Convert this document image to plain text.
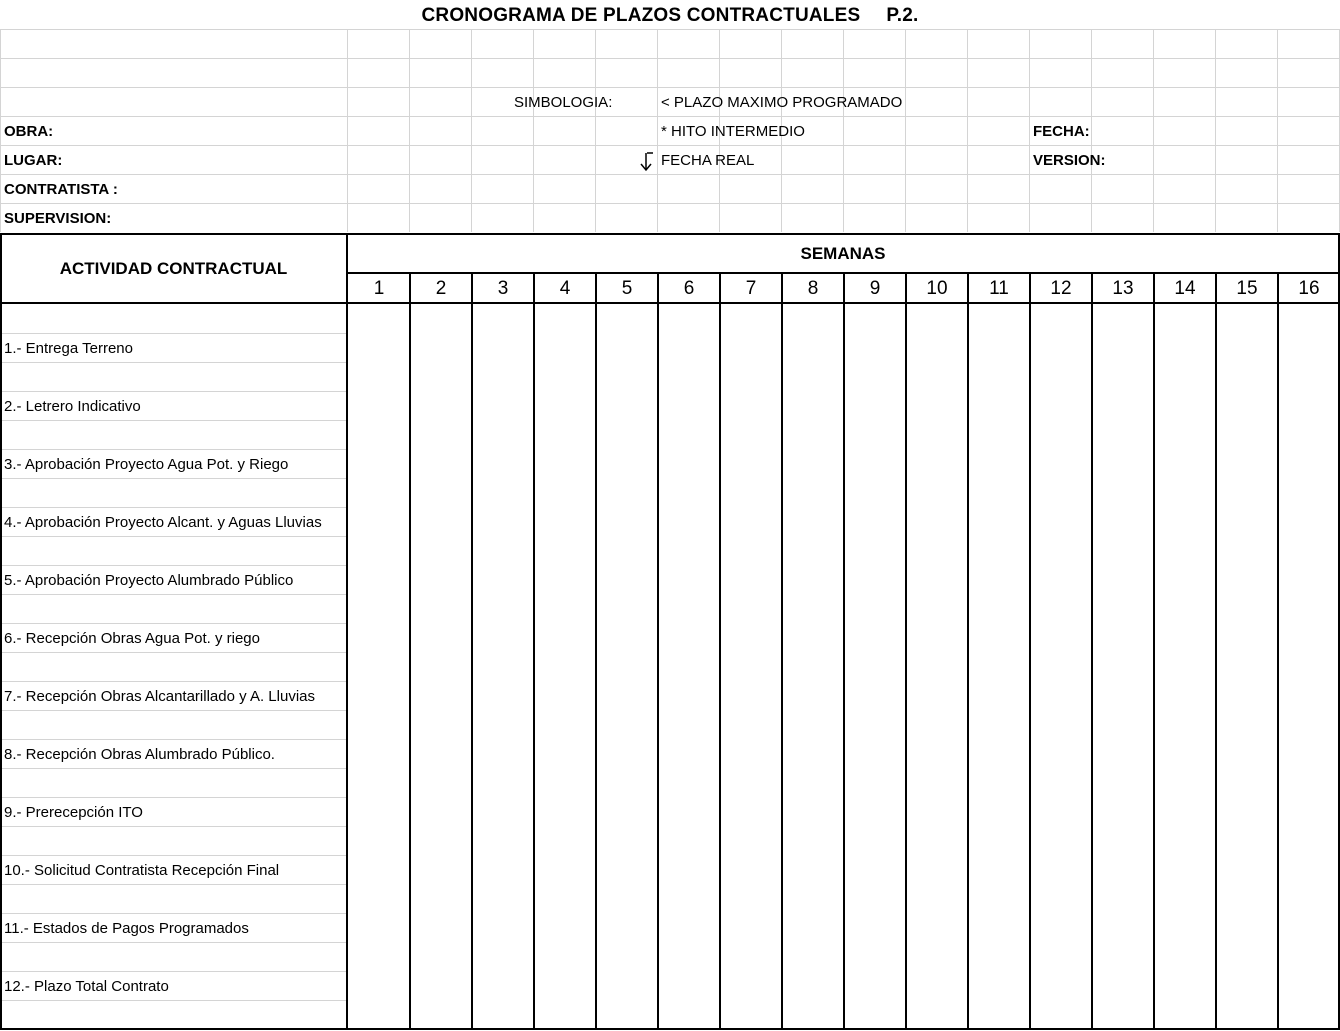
CRONOGRAMA DE PLAZOS CONTRACTUALES P.2.
SIMBOLOGIA:	< PLAZO MAXIMO PROGRAMADO
* HITO INTERMEDIO
FECHA REAL
OBRA:
LUGAR:
CONTRATISTA :
SUPERVISION:
FECHA:
VERSION:
ACTIVIDAD CONTRACTUAL
SEMANAS
1	2	3	4	5	6	7	8	9	10	11	12	13	14	15	16
1.- Entrega Terreno
2.- Letrero Indicativo
3.- Aprobación Proyecto Agua Pot. y Riego
4.- Aprobación Proyecto Alcant. y Aguas Lluvias
5.- Aprobación Proyecto Alumbrado Público
6.- Recepción Obras Agua Pot. y riego
7.- Recepción Obras Alcantarillado y A. Lluvias
8.- Recepción Obras Alumbrado Público.
9.- Prerecepción ITO
10.- Solicitud Contratista Recepción Final
11.- Estados de Pagos Programados
12.- Plazo Total Contrato
